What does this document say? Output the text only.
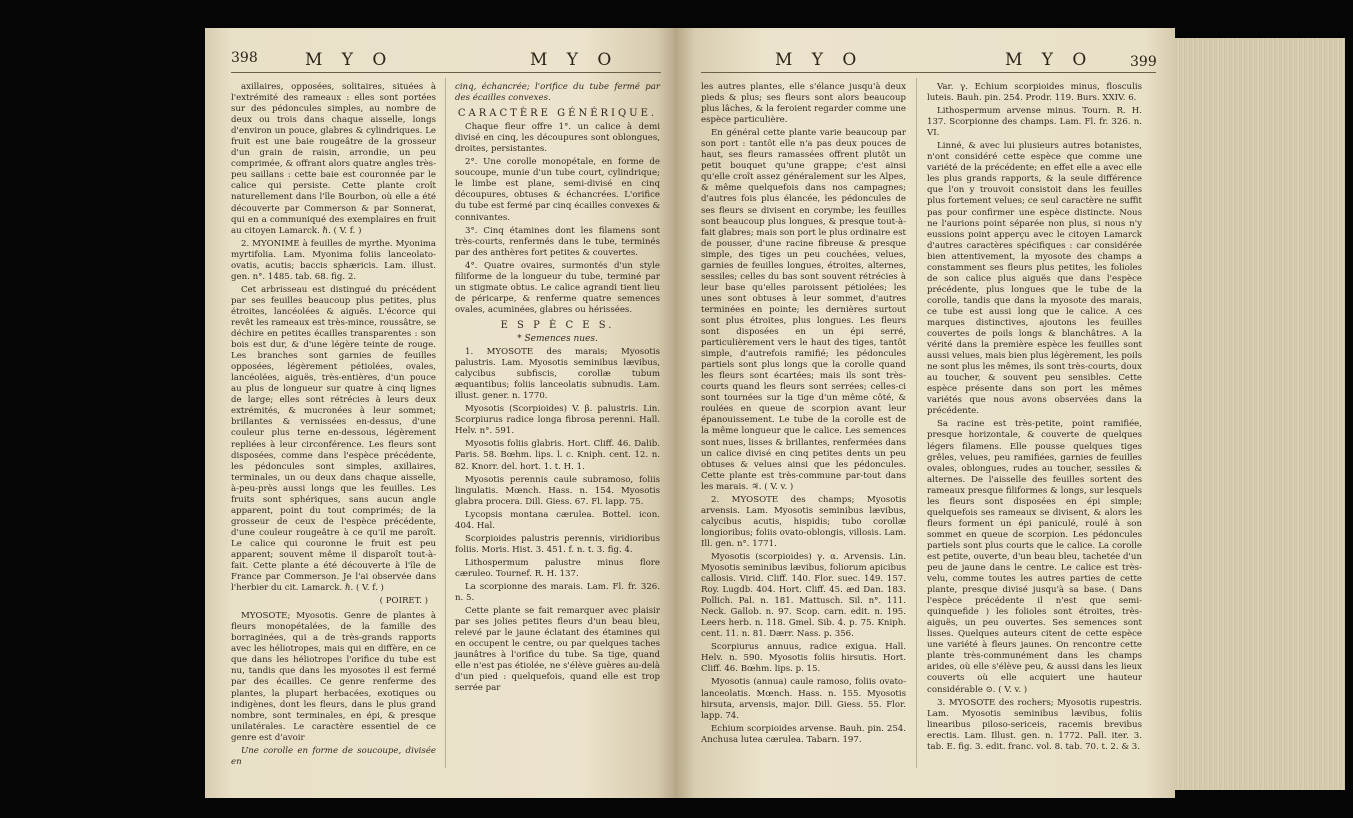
398	M Y O	M Y O

axillaires, opposées, solitaires, situées à l'extrémité des rameaux : elles sont portées sur des pédoncules simples, au nombre de deux ou trois dans chaque aisselle, longs d'environ un pouce, glabres & cylindriques. Le fruit est une baie rougeâtre de la grosseur d'un grain de raisin, arrondie, un peu comprimée, & offrant alors quatre angles très-peu saillans : cette baie est couronnée par le calice qui persiste. Cette plante croît naturellement dans l'île Bourbon, où elle a été découverte par Commerson & par Sonnerat, qui en a communiqué des exemplaires en fruit au citoyen Lamarck. ℏ. ( V. f. )

2. MYONIME à feuilles de myrthe. Myonima myrtifolia. Lam. Myonima foliis lanceolato-ovatis, acutis; baccis sphæricis. Lam. illust. gen. n°. 1485. tab. 68. fig. 2.

Cet arbrisseau est distingué du précédent par ses feuilles beaucoup plus petites, plus étroites, lancéolées & aiguës. L'écorce qui revêt les rameaux est très-mince, roussâtre, se déchire en petites écailles transparentes : son bois est dur, & d'une légère teinte de rouge. Les branches sont garnies de feuilles opposées, légèrement pétiolées, ovales, lancéolées, aiguës, très-entières, d'un pouce au plus de longueur sur quatre à cinq lignes de large; elles sont rétrécies à leurs deux extrémités, & mucronées à leur sommet; brillantes & vernissées en-dessus, d'une couleur plus terne en-dessous, légèrement repliées à leur circonférence. Les fleurs sont disposées, comme dans l'espèce précédente, les pédoncules sont simples, axillaires, terminales, un ou deux dans chaque aisselle, à-peu-près aussi longs que les feuilles. Les fruits sont sphériques, sans aucun angle apparent, point du tout comprimés; de la grosseur de ceux de l'espèce précédente, d'une couleur rougeâtre à ce qu'il me paroît. Le calice qui couronne le fruit est peu apparent; souvent même il disparoît tout-à-fait. Cette plante a été découverte à l'île de France par Commerson. Je l'ai observée dans l'herbier du cit. Lamarck. ℏ. ( V. f. )

( POIRET. )

MYOSOTE; Myosotis. Genre de plantes à fleurs monopétalées, de la famille des borraginées, qui a de très-grands rapports avec les héliotropes, mais qui en diffère, en ce que dans les héliotropes l'orifice du tube est nu, tandis que dans les myosotes il est fermé par des écailles. Ce genre renferme des plantes, la plupart herbacées, exotiques ou indigènes, dont les fleurs, dans le plus grand nombre, sont terminales, en épi, & presque unilatérales. Le caractère essentiel de ce genre est d'avoir

Une corolle en forme de soucoupe, divisée en

cinq, échancrée; l'orifice du tube fermé par des écailles convexes.

CARACTÈRE GÉNÉRIQUE.

Chaque fleur offre 1°. un calice à demi divisé en cinq, les découpures sont oblongues, droites, persistantes.

2°. Une corolle monopétale, en forme de soucoupe, munie d'un tube court, cylindrique; le limbe est plane, semi-divisé en cinq découpures, obtuses & échancrées. L'orifice du tube est fermé par cinq écailles convexes & connivantes.

3°. Cinq étamines dont les filamens sont très-courts, renfermés dans le tube, terminés par des anthères fort petites & couvertes.

4°. Quatre ovaires, surmontés d'un style filiforme de la longueur du tube, terminé par un stigmate obtus. Le calice agrandi tient lieu de péricarpe, & renferme quatre semences ovales, acuminées, glabres ou hérissées.

E S P È C E S.
* Semences nues.

1. MYOSOTE des marais; Myosotis palustris. Lam. Myosotis seminibus lævibus, calycibus subfiscis, corollæ tubum æquantibus; foliis lanceolatis subnudis. Lam. illust. gener. n. 1770.

Myosotis (Scorpioides) V. β. palustris. Lin. Scorpiurus radice longa fibrosa perenni. Hall. Helv. n°. 591.

Myosotis foliis glabris. Hort. Cliff. 46. Dalib. Paris. 58. Bœhm. lips. l. c. Kniph. cent. 12. n. 82. Knorr. del. hort. 1. t. H. 1.

Myosotis perennis caule subramoso, foliis lingulatis. Mœnch. Hass. n. 154. Myosotis glabra procera. Dill. Giess. 67. Fl. lapp. 75.

Lycopsis montana cærulea. Bottel. icon. 404. Hal.

Scorpioides palustris perennis, viridioribus foliis. Moris. Hist. 3. 451. f. n. t. 3. fig. 4.

Lithospermum palustre minus flore cæruleo. Tournef. R. H. 137.

La scorpionne des marais. Lam. Fl. fr. 326. n. 5.

Cette plante se fait remarquer avec plaisir par ses jolies petites fleurs d'un beau bleu, relevé par le jaune éclatant des étamines qui en occupent le centre, ou par quelques taches jaunâtres à l'orifice du tube. Sa tige, quand elle n'est pas étiolée, ne s'élève guères au-delà d'un pied : quelquefois, quand elle est trop serrée par

M Y O	M Y O	399

les autres plantes, elle s'élance jusqu'à deux pieds & plus; ses fleurs sont alors beaucoup plus lâches, & la feroient regarder comme une espèce particulière.

En général cette plante varie beaucoup par son port : tantôt elle n'a pas deux pouces de haut, ses fleurs ramassées offrent plutôt un petit bouquet qu'une grappe; c'est ainsi qu'elle croît assez généralement sur les Alpes, & même quelquefois dans nos campagnes; d'autres fois plus élancée, les pédoncules de ses fleurs se divisent en corymbe; les feuilles sont beaucoup plus longues, & presque tout-à-fait glabres; mais son port le plus ordinaire est de pousser, d'une racine fibreuse & presque simple, des tiges un peu couchées, velues, garnies de feuilles longues, étroites, alternes, sessiles; celles du bas sont souvent rétrécies à leur base qu'elles paroissent pétiolées; les unes sont obtuses à leur sommet, d'autres terminées en pointe; les dernières surtout sont plus étroites, plus longues. Les fleurs sont disposées en un épi serré, particulièrement vers le haut des tiges, tantôt simple, d'autrefois ramifié; les pédoncules partiels sont plus longs que la corolle quand les fleurs sont écartées; mais ils sont très-courts quand les fleurs sont serrées; celles-ci sont tournées sur la tige d'un même côté, & roulées en queue de scorpion avant leur épanouissement. Le tube de la corolle est de la même longueur que le calice. Les semences sont nues, lisses & brillantes, renfermées dans un calice divisé en cinq petites dents un peu obtuses & velues ainsi que les pédoncules. Cette plante est très-commune par-tout dans les marais. ♃. ( V. v. )

2. MYOSOTE des champs; Myosotis arvensis. Lam. Myosotis seminibus lævibus, calycibus acutis, hispidis; tubo corollæ longioribus; foliis ovato-oblongis, villosis. Lam. Ill. gen. n°. 1771.

Myosotis (scorpioides) γ. α. Arvensis. Lin. Myosotis seminibus lævibus, foliorum apicibus callosis. Virid. Cliff. 140. Flor. suec. 149. 157. Roy. Lugdb. 404. Hort. Cliff. 45. æd Dan. 183. Pollich. Pal. n. 181. Mattusch. Sil. n°. 111. Neck. Gallob. n. 97. Scop. carn. edit. n. 195. Leers herb. n. 118. Gmel. Sib. 4. p. 75. Kniph. cent. 11. n. 81. Dærr. Nass. p. 356.

Scorpiurus annuus, radice exigua. Hall. Helv. n. 590. Myosotis foliis hirsutis. Hort. Cliff. 46. Bœhm. lips. p. 15.

Myosotis (annua) caule ramoso, foliis ovato-lanceolatis. Mœnch. Hass. n. 155. Myosotis hirsuta, arvensis, major. Dill. Giess. 55. Flor. lapp. 74.

Echium scorpioides arvense. Bauh. pin. 254. Anchusa lutea cærulea. Tabarn. 197.

Var. γ. Echium scorpioides minus, flosculis luteis. Bauh. pin. 254. Prodr. 119. Burs. XXIV. 6.

Lithospermum arvense minus. Tourn. R. H. 137. Scorpionne des champs. Lam. Fl. fr. 326. n. VI.

Linné, & avec lui plusieurs autres botanistes, n'ont considéré cette espèce que comme une variété de la précédente; en effet elle a avec elle les plus grands rapports, & la seule différence que l'on y trouvoit consistoit dans les feuilles plus fortement velues; ce seul caractère ne suffit pas pour confirmer une espèce distincte. Nous ne l'aurions point séparée non plus, si nous n'y eussions point apperçu avec le citoyen Lamarck d'autres caractères spécifiques : car considérée bien attentivement, la myosote des champs a constamment ses fleurs plus petites, les folioles de son calice plus aiguës que dans l'espèce précédente, plus longues que le tube de la corolle, tandis que dans la myosote des marais, ce tube est aussi long que le calice. A ces marques distinctives, ajoutons les feuilles couvertes de poils longs & blanchâtres. A la vérité dans la première espèce les feuilles sont aussi velues, mais bien plus légèrement, les poils ne sont plus les mêmes, ils sont très-courts, doux au toucher, & souvent peu sensibles. Cette espèce présente dans son port les mêmes variétés que nous avons observées dans la précédente.

Sa racine est très-petite, point ramifiée, presque horizontale, & couverte de quelques légers filamens. Elle pousse quelques tiges grêles, velues, peu ramifiées, garnies de feuilles ovales, oblongues, rudes au toucher, sessiles & alternes. De l'aisselle des feuilles sortent des rameaux presque filiformes & longs, sur lesquels les fleurs sont disposées en épi simple; quelquefois ses rameaux se divisent, & alors les fleurs forment un épi paniculé, roulé à son sommet en queue de scorpion. Les pédoncules partiels sont plus courts que le calice. La corolle est petite, ouverte, d'un beau bleu, tachetée d'un peu de jaune dans le centre. Le calice est très-velu, comme toutes les autres parties de cette plante, presque divisé jusqu'à sa base. ( Dans l'espèce précédente il n'est que semi-quinquefide ) les folioles sont étroites, très-aiguës, un peu ouvertes. Ses semences sont lisses. Quelques auteurs citent de cette espèce une variété à fleurs jaunes. On rencontre cette plante très-communément dans les champs arides, où elle s'élève peu, & aussi dans les lieux couverts où elle acquiert une hauteur considérable ⊙. ( V. v. )

3. MYOSOTE des rochers; Myosotis rupestris. Lam. Myosotis seminibus lævibus, foliis linearibus piloso-sericeis, racemis brevibus erectis. Lam. Illust. gen. n. 1772. Pall. iter. 3. tab. E. fig. 3. edit. franc. vol. 8. tab. 70. t. 2. & 3.
